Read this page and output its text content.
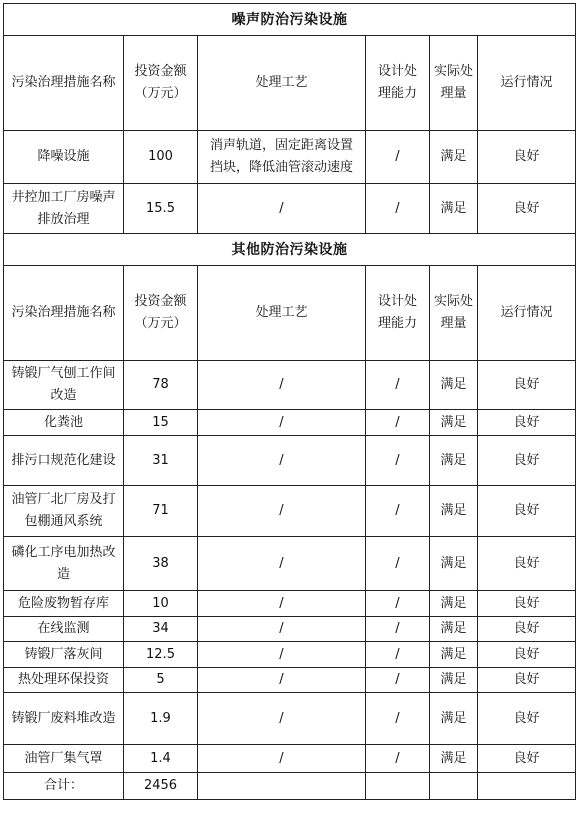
噪声防治污染设施					
污染治理措施名称	投资金额（万元）	处理工艺	设计处理能力	实际处理量	运行情况
降噪设施	100	消声轨道，固定距离设置挡块，降低油管滚动速度	/	满足	良好
井控加工厂房噪声排放治理	15.5	/	/	满足	良好
其他防治污染设施					
污染治理措施名称	投资金额（万元）	处理工艺	设计处理能力	实际处理量	运行情况
铸锻厂气刨工作间改造	78	/	/	满足	良好
化粪池	15	/	/	满足	良好
排污口规范化建设	31	/	/	满足	良好
油管厂北厂房及打包棚通风系统	71	/	/	满足	良好
磷化工序电加热改造	38	/	/	满足	良好
危险废物暂存库	10	/	/	满足	良好
在线监测	34	/	/	满足	良好
铸锻厂落灰间	12.5	/	/	满足	良好
热处理环保投资	5	/	/	满足	良好
铸锻厂废料堆改造	1.9	/	/	满足	良好
油管厂集气罩	1.4	/	/	满足	良好
合计：	2456				
